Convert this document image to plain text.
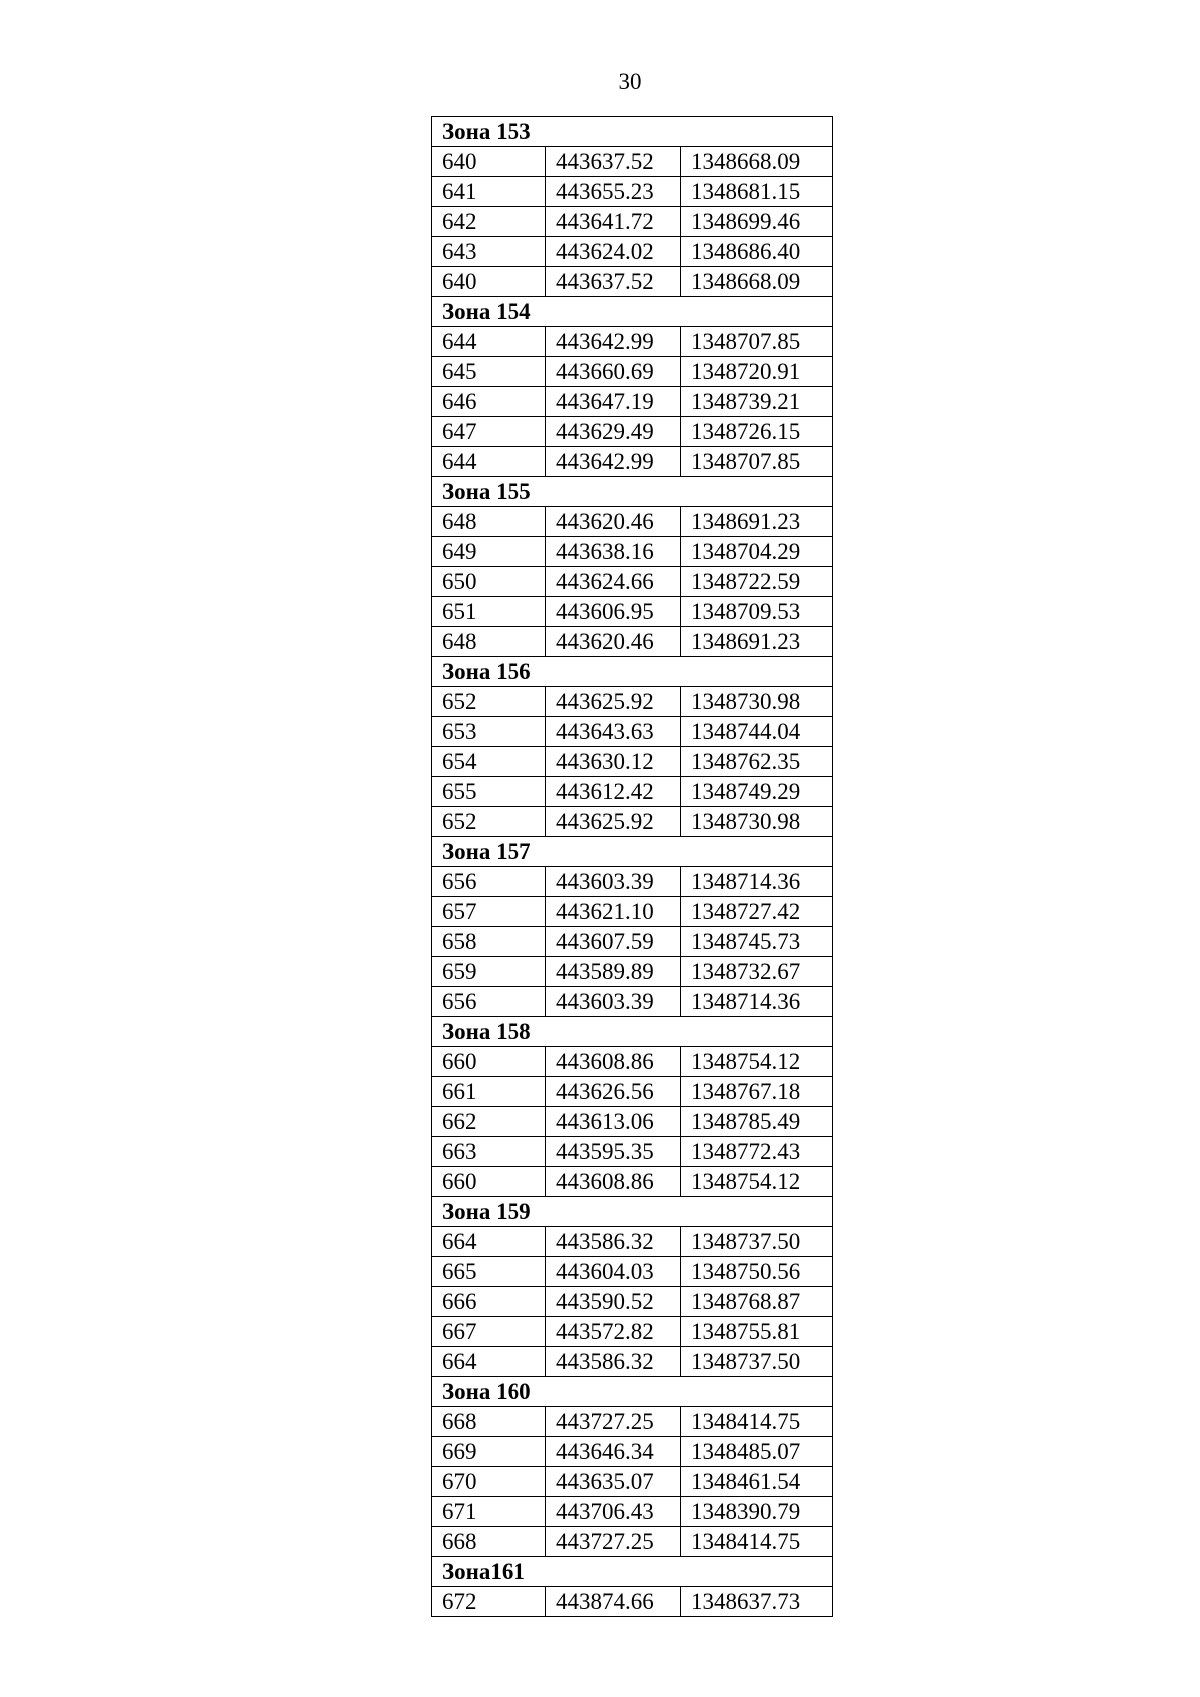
30
Зона 153		
640	443637.52	1348668.09
641	443655.23	1348681.15
642	443641.72	1348699.46
643	443624.02	1348686.40
640	443637.52	1348668.09
Зона 154		
644	443642.99	1348707.85
645	443660.69	1348720.91
646	443647.19	1348739.21
647	443629.49	1348726.15
644	443642.99	1348707.85
Зона 155		
648	443620.46	1348691.23
649	443638.16	1348704.29
650	443624.66	1348722.59
651	443606.95	1348709.53
648	443620.46	1348691.23
Зона 156		
652	443625.92	1348730.98
653	443643.63	1348744.04
654	443630.12	1348762.35
655	443612.42	1348749.29
652	443625.92	1348730.98
Зона 157		
656	443603.39	1348714.36
657	443621.10	1348727.42
658	443607.59	1348745.73
659	443589.89	1348732.67
656	443603.39	1348714.36
Зона 158		
660	443608.86	1348754.12
661	443626.56	1348767.18
662	443613.06	1348785.49
663	443595.35	1348772.43
660	443608.86	1348754.12
Зона 159		
664	443586.32	1348737.50
665	443604.03	1348750.56
666	443590.52	1348768.87
667	443572.82	1348755.81
664	443586.32	1348737.50
Зона 160		
668	443727.25	1348414.75
669	443646.34	1348485.07
670	443635.07	1348461.54
671	443706.43	1348390.79
668	443727.25	1348414.75
Зона161		
672	443874.66	1348637.73
